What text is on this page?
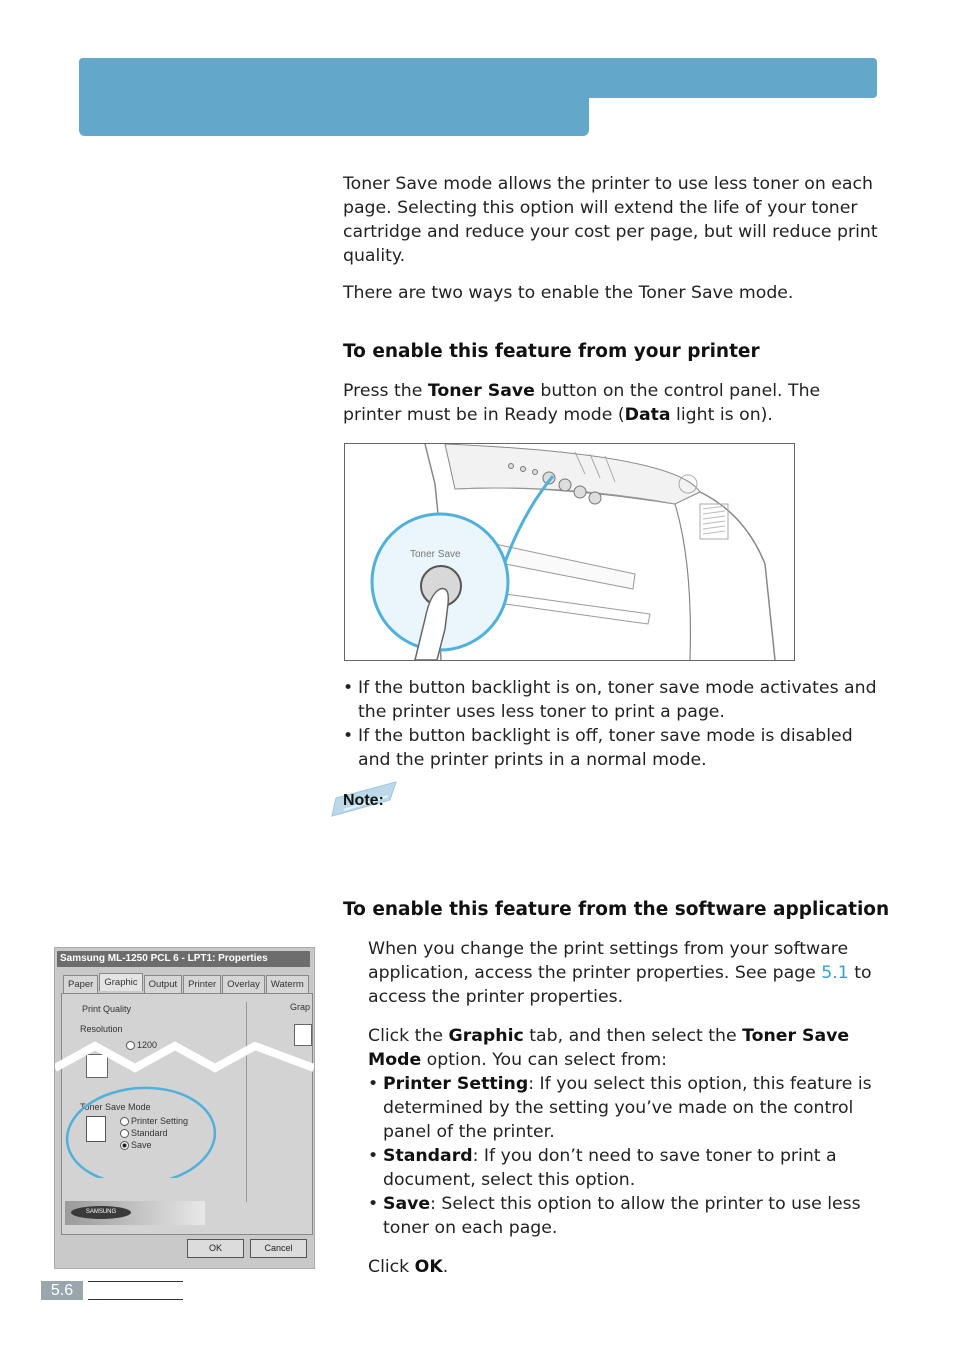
Toner Save mode allows the printer to use less toner on each page. Selecting this option will extend the life of your toner cartridge and reduce your cost per page, but will reduce print quality.

There are two ways to enable the Toner Save mode.

To enable this feature from your printer

Press the Toner Save button on the control panel. The printer must be in Ready mode (Data light is on).

Toner Save
• If the button backlight is on, toner save mode activates and the printer uses less toner to print a page.
• If the button backlight is off, toner save mode is disabled and the printer prints in a normal mode.
Note:
To enable this feature from the software application

When you change the print settings from your software application, access the printer properties. See page 5.1 to access the printer properties.

Click the Graphic tab, and then select the Toner Save Mode option. You can select from:

• Printer Setting: If you select this option, this feature is determined by the setting you’ve made on the control panel of the printer.
• Standard: If you don’t need to save toner to print a document, select this option.
• Save: Select this option to allow the printer to use less toner on each page.

Click OK.

Samsung ML-1250 PCL 6 - LPT1: Properties
Paper	Graphic	Output	Printer	Overlay	Waterm
Print Quality
Resolution
1200
Grap
Toner Save Mode
Printer Setting
Standard
Save
SAMSUNG
OK	Cancel
5.6
